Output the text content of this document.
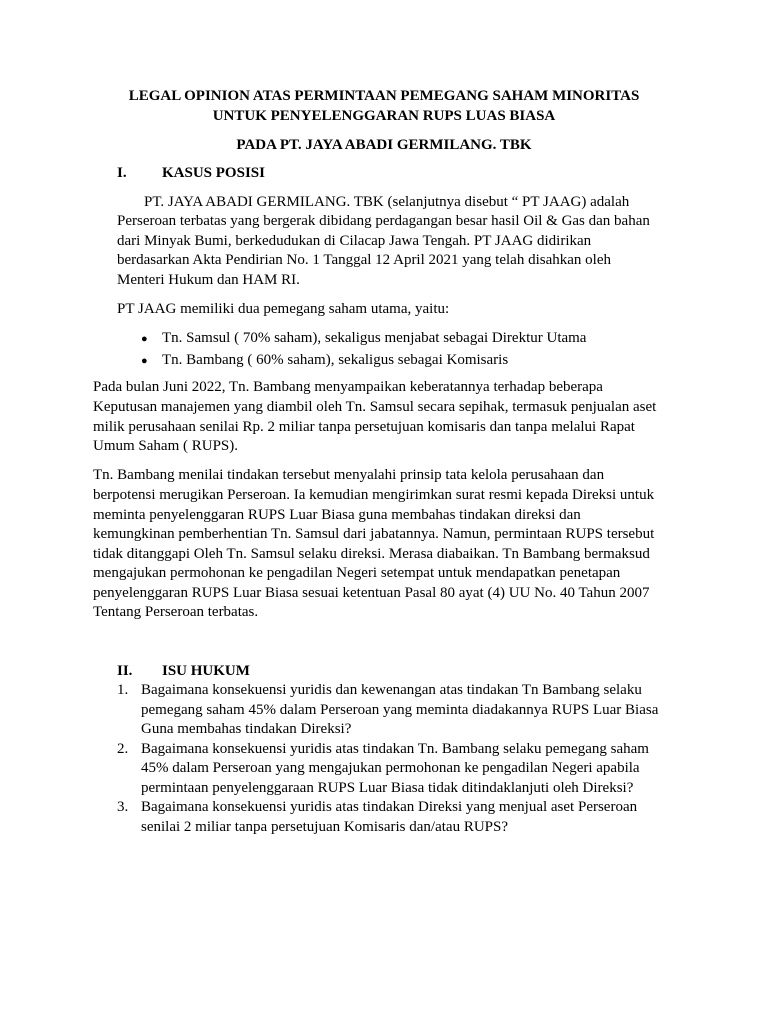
LEGAL OPINION ATAS PERMINTAAN PEMEGANG SAHAM MINORITAS
UNTUK PENYELENGGARAN RUPS LUAS BIASA
PADA PT. JAYA ABADI GERMILANG. TBK
I. KASUS POSISI
PT. JAYA ABADI GERMILANG. TBK (selanjutnya disebut “ PT JAAG) adalah
Perseroan terbatas yang bergerak dibidang perdagangan besar hasil Oil & Gas dan bahan
dari Minyak Bumi, berkedudukan di Cilacap Jawa Tengah. PT JAAG didirikan
berdasarkan Akta Pendirian No. 1 Tanggal 12 April 2021 yang telah disahkan oleh
Menteri Hukum dan HAM RI.
PT JAAG memiliki dua pemegang saham utama, yaitu:
● Tn. Samsul ( 70% saham), sekaligus menjabat sebagai Direktur Utama
● Tn. Bambang ( 60% saham), sekaligus sebagai Komisaris
Pada bulan Juni 2022, Tn. Bambang menyampaikan keberatannya terhadap beberapa
Keputusan manajemen yang diambil oleh Tn. Samsul secara sepihak, termasuk penjualan aset
milik perusahaan senilai Rp. 2 miliar tanpa persetujuan komisaris dan tanpa melalui Rapat
Umum Saham ( RUPS).
Tn. Bambang menilai tindakan tersebut menyalahi prinsip tata kelola perusahaan dan
berpotensi merugikan Perseroan. Ia kemudian mengirimkan surat resmi kepada Direksi untuk
meminta penyelenggaran RUPS Luar Biasa guna membahas tindakan direksi dan
kemungkinan pemberhentian Tn. Samsul dari jabatannya. Namun, permintaan RUPS tersebut
tidak ditanggapi Oleh Tn. Samsul selaku direksi. Merasa diabaikan. Tn Bambang bermaksud
mengajukan permohonan ke pengadilan Negeri setempat untuk mendapatkan penetapan
penyelenggaran RUPS Luar Biasa sesuai ketentuan Pasal 80 ayat (4) UU No. 40 Tahun 2007
Tentang Perseroan terbatas.
II. ISU HUKUM
1. Bagaimana konsekuensi yuridis dan kewenangan atas tindakan Tn Bambang selaku
pemegang saham 45% dalam Perseroan yang meminta diadakannya RUPS Luar Biasa
Guna membahas tindakan Direksi?
2. Bagaimana konsekuensi yuridis atas tindakan Tn. Bambang selaku pemegang saham
45% dalam Perseroan yang mengajukan permohonan ke pengadilan Negeri apabila
permintaan penyelenggaraan RUPS Luar Biasa tidak ditindaklanjuti oleh Direksi?
3. Bagaimana konsekuensi yuridis atas tindakan Direksi yang menjual aset Perseroan
senilai 2 miliar tanpa persetujuan Komisaris dan/atau RUPS?
